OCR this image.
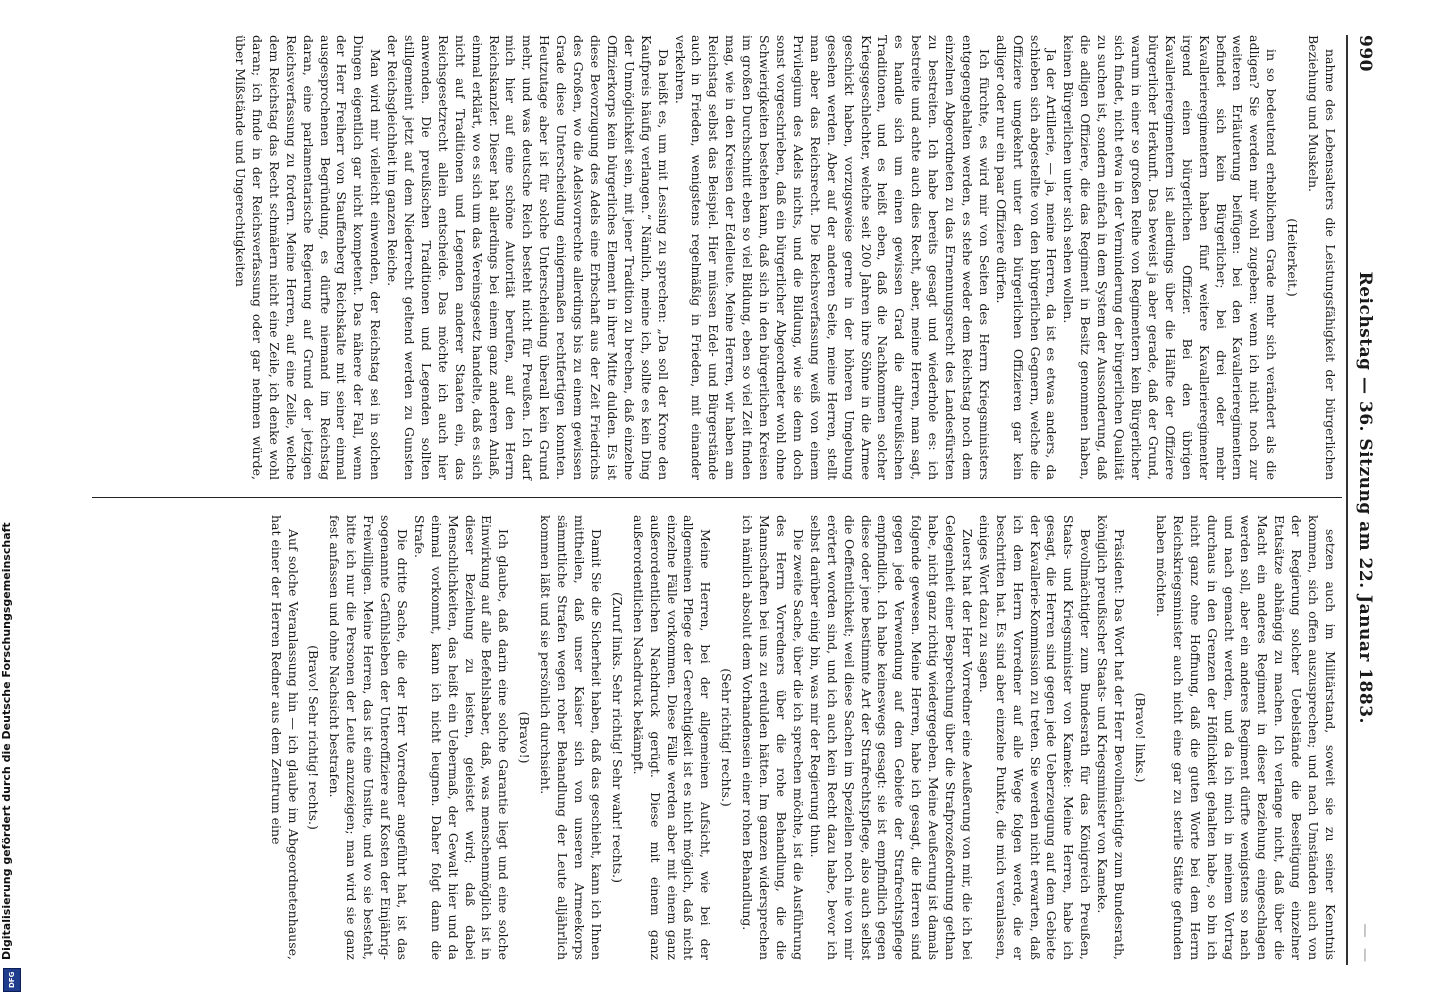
990
Reichstag — 36. Sitzung am 22. Januar 1883.
— —

nahme des Lebensalters die Leistungsfähigkeit der bürgerlichen Beziehung und Muskeln.

(Heiterkeit.)

in so bedeutend erheblichem Grade mehr sich verändert als die adligen? Sie werden mir wohl zugeben: wenn ich nicht noch zur weiteren Erläuterung beifügen: bei den Kavallerieregimentern befindet sich kein Bürgerlicher; bei drei oder mehr Kavallerieregimentern haben fünf weitere Kavallerieregimenter irgend einen bürgerlichen Offizier. Bei den übrigen Kavallerieregimentern ist allerdings über die Hälfte der Offiziere bürgerlicher Herkunft. Das beweist ja aber gerade, daß der Grund, warum in einer so großen Reihe von Regimentern kein Bürgerlicher sich findet, nicht etwa in der Verminderung der bürgerlichen Qualität zu suchen ist, sondern einfach in dem System der Aussonderung, daß die adligen Offiziere, die das Regiment in Besitz genommen haben, keinen Bürgerlichen unter sich sehen wollen.

Ja der Artillerie, — ja, meine Herren, da ist es etwas anders, da schieben sich abgestellte von den bürgerlichen Gegnern, welche die Offiziere umgekehrt unter den bürgerlichen Offizieren gar kein adliger oder nur ein paar Offiziere dürfen.

Ich fürchte, es wird mir von Seiten des Herrn Kriegsministers entgegengehalten werden, es stehe weder dem Reichstag noch dem einzelnen Abgeordneten zu das Ernennungsrecht des Landesfürsten zu bestreiten. Ich habe bereits gesagt und wiederhole es: ich bestreite und achte auch dies Recht, aber, meine Herren, man sagt, es handle sich um einen gewissen Grad die altpreußischen Traditionen, und es heißt eben, daß die Nachkommen solcher Kriegsgeschlechter, welche seit 200 Jahren ihre Söhne in die Armee geschickt haben, vorzugsweise gerne in der höheren Umgebung gesehen werden. Aber auf der anderen Seite, meine Herren, stellt man aber das Reichsrecht. Die Reichsverfassung weiß von einem Privilegium des Adels nichts, und die Bildung, wie sie denn doch sonst vorgeschrieben, daß ein bürgerlicher Abgeordneter wohl ohne Schwierigkeiten bestehen kann, daß sich in den bürgerlichen Kreisen im großen Durchschnitt eben so viel Bildung, eben so viel Zeit finden mag, wie in den Kreisen der Edelleute. Meine Herren, wir haben am Reichstag selbst das Beispiel. Hier müssen Edel- und Bürgerstände auch in Frieden, wenigstens regelmäßig in Frieden, mit einander verkehren.

Da heißt es, um mit Lessing zu sprechen: „Da soll der Krone den Kaufpreis häufig verlangen.“ Nämlich, meine ich, sollte es kein Ding der Unmöglichkeit sein, mit jener Tradition zu brechen, daß einzelne Offizierkorps kein bürgerliches Element in ihrer Mitte dulden. Es ist diese Bevorzugung des Adels eine Erbschaft aus der Zeit Friedrichs des Großen, wo die Adelsvorrechte allerdings bis zu einem gewissen Grade diese Unterscheidung einigermaßen rechtfertigen konnten. Heutzutage aber ist für solche Unterscheidung überall kein Grund mehr, und was deutsche Reich besteht nicht für Preußen. Ich darf mich hier auf eine schöne Autorität berufen, auf den Herrn Reichskanzler. Dieser hat allerdings bei einem ganz anderen Anlaß, einmal erklärt, wo es sich um das Vereinsgesetz handelte, daß es sich nicht auf Traditionen und Legenden anderer Staaten ein, das Reichsgesetzrecht allein entscheide. Das möchte ich auch hier anwenden. Die preußischen Traditionen und Legenden sollten stillgemeint jetzt auf dem Niederrecht geltend werden zu Gunsten der Reichsgleichheit im ganzen Reiche.

Man wird mir vielleicht einwenden, der Reichstag sei in solchen Dingen eigentlich gar nicht kompetent. Das nähere der Fall, wenn der Herr Freiherr von Stauffenberg Reichskalte mit seiner einmal ausgesprochenen Begründung, es dürfte niemand im Reichstag daran, eine parlamentarische Regierung auf Grund der jetzigen Reichsverfassung zu fordern. Meine Herren, auf eine Zeile, welche dem Reichstag das Recht schmälern nicht eine Zeile, ich denke wohl daran; ich finde in der Reichsverfassung oder gar nehmen würde, über Mißstände und Ungerechtigkeiten

setzen auch im Militärstand, soweit sie zu seiner Kenntnis kommen, sich offen auszusprechen; und nach Umständen auch von der Regierung solcher Uebelstände die Beseitigung einzelner Etatsätze abhängig zu machen. Ich verlange nicht, daß über die Macht ein anderes Regiment in dieser Beziehung eingeschlagen werden soll, aber ein anderes Regiment dürfte wenigstens so nach und nach gemacht werden, und da ich mich in meinem Vortrag durchaus in den Grenzen der Höflichkeit gehalten habe, so bin ich nicht ganz ohne Hoffnung, daß die guten Worte bei dem Herrn Reichskriegsminister auch nicht eine gar zu sterile Stätte gefunden haben möchten.

(Bravo! links.)

Präsident: Das Wort hat der Herr Bevollmächtigte zum Bundesrath, königlich preußischer Staats- und Kriegsminister von Kameke.

Bevollmächtigter zum Bundesrath für das Königreich Preußen, Staats- und Kriegsminister von Kameke: Meine Herren, habe ich gesagt, die Herren sind gegen jede Ueberzeugung auf dem Gebiete der Kavallerie-Kommission zu treten. Sie werden nicht erwarten, daß ich dem Herrn Vorredner auf alle Wege folgen werde, die er beschritten hat. Es sind aber einzelne Punkte, die mich veranlassen, einiges Wort dazu zu sagen.

Zuerst hat der Herr Vorredner eine Aeußerung von mir, die ich bei Gelegenheit einer Besprechung über die Strafprozeßordnung gethan habe, nicht ganz richtig wiedergegeben. Meine Aeußerung ist damals folgende gewesen. Meine Herren, habe ich gesagt, die Herren sind gegen jede Verwendung auf dem Gebiete der Strafrechtspflege empfindlich. Ich habe keineswegs gesagt: sie ist empfindlich gegen diese oder jene bestimmte Art der Strafrechtspflege, also auch selbst die Oeffentlichkeit; weil diese Sachen im Speziellen noch nie von mir erörtert worden sind, und ich auch kein Recht dazu habe, bevor ich selbst darüber einig bin, was mir der Regierung thun.

Die zweite Sache, über die ich sprechen möchte, ist die Ausführung des Herrn Vorredners über die rohe Behandlung, die die Mannschaften bei uns zu erdulden hätten. Im ganzen widersprechen ich nämlich absolut dem Vorhandensein einer rohen Behandlung.

(Sehr richtig! rechts.)

Meine Herren, bei der allgemeinen Aufsicht, wie bei der allgemeinen Pflege der Gerechtigkeit ist es nicht möglich, daß nicht einzelne Fälle vorkommen. Diese Fälle werden aber mit einem ganz außerordentlichen Nachdruck gerügt. Diese mit einem ganz außerordentlichen Nachdruck bekämpft.

(Zuruf links. Sehr richtig! Sehr wahr! rechts.)

Damit Sie die Sicherheit haben, daß das geschieht, kann ich Ihnen mittheilen, daß unser Kaiser sich von unseren Armeekorps sämmtliche Strafen wegen roher Behandlung der Leute alljährlich kommen läßt und sie persönlich durchsieht.

(Bravo!)

Ich glaube, daß darin eine solche Garantie liegt und eine solche Einwirkung auf alle Befehlshaber, daß, was menschenmöglich ist in dieser Beziehung zu leisten, geleistet wird; daß dabei Menschlichkeiten, das heißt ein Uebermaß, der Gewalt hier und da einmal vorkommt, kann ich nicht leugnen. Daher folgt dann die Strafe.

Die dritte Sache, die der Herr Vorredner angeführt hat, ist das sogenannte Gefühlsleben der Unteroffiziere auf Kosten der Einjährig-Freiwilligen. Meine Herren, das ist eine Unsitte, und wo sie besteht, bitte ich nur die Personen der Leute anzuzeigen; man wird sie ganz fest anfassen und ohne Nachsicht bestrafen.

(Bravo! Sehr richtig! rechts.)

Auf solche Veranlassung hin — ich glaube im Abgeordnetenhause, hat einer der Herren Redner aus dem Zentrum eine

Digitalisierung gefördert durch die Deutsche Forschungsgemeinschaft
DFG
